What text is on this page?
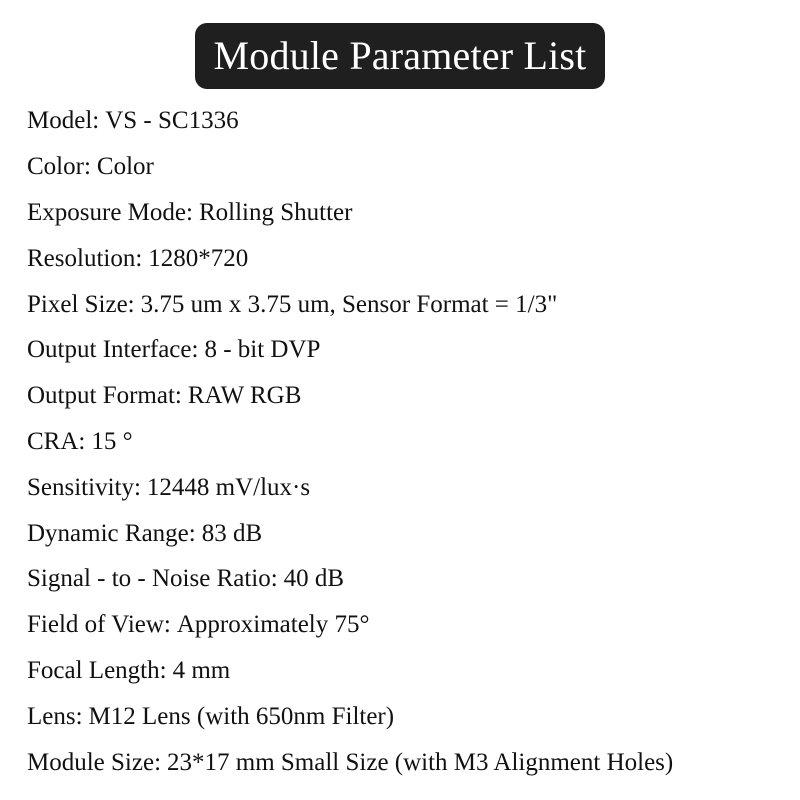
Module Parameter List
Model: VS - SC1336
Color: Color
Exposure Mode: Rolling Shutter
Resolution: 1280*720
Pixel Size: 3.75 um x 3.75 um, Sensor Format = 1/3"
Output Interface: 8 - bit DVP
Output Format: RAW RGB
CRA: 15 °
Sensitivity: 12448 mV/lux·s
Dynamic Range: 83 dB
Signal - to - Noise Ratio: 40 dB
Field of View: Approximately 75°
Focal Length: 4 mm
Lens: M12 Lens (with 650nm Filter)
Module Size: 23*17 mm Small Size (with M3 Alignment Holes)
